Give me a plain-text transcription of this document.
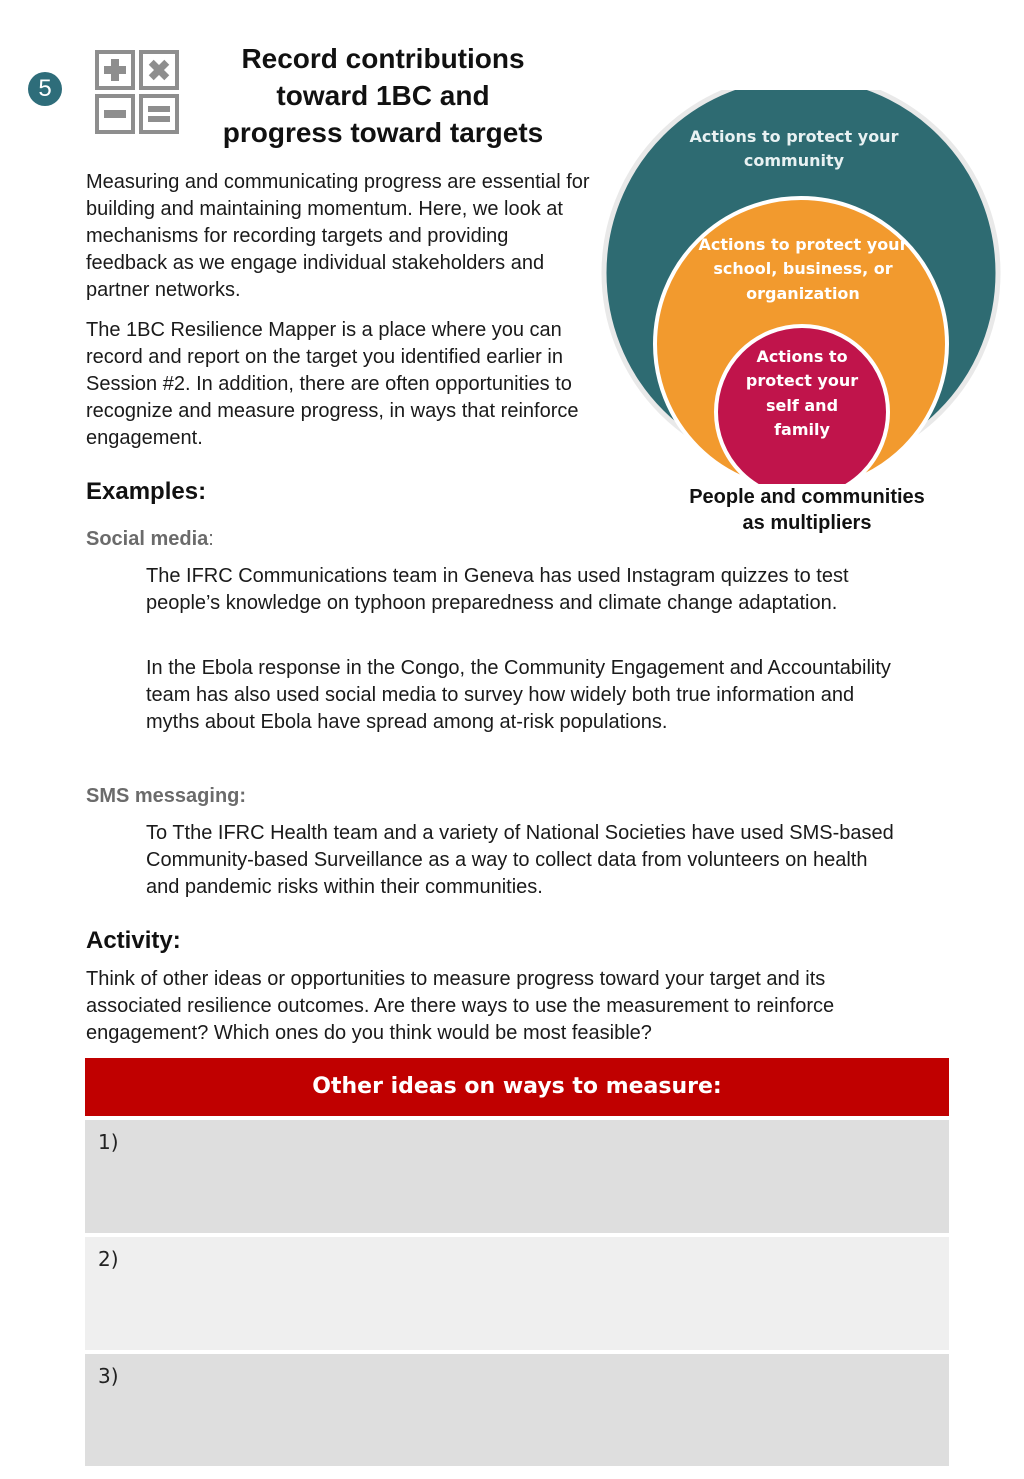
5
Record contributions
toward 1BC and
progress toward targets

Measuring and communicating progress are essential for building and maintaining momentum. Here, we look at mechanisms for recording targets and providing feedback as we engage individual stakeholders and partner networks.

The 1BC Resilience Mapper is a place where you can record and report on the target you identified earlier in Session #2. In addition, there are often opportunities to recognize and measure progress, in ways that reinforce engagement.

Actions to protect your
community
Actions to protect your
school, business, or
organization
Actions to
protect your
self and
family
People and communities
as multipliers
Examples:

Social media:

The IFRC Communications team in Geneva has used Instagram quizzes to test people’s knowledge on typhoon preparedness and climate change adaptation.

In the Ebola response in the Congo, the Community Engagement and Accountability team has also used social media to survey how widely both true information and myths about Ebola have spread among at-risk populations.

SMS messaging:

To Tthe IFRC Health team and a variety of National Societies have used SMS-based Community-based Surveillance as a way to collect data from volunteers on health and pandemic risks within their communities.

Activity:

Think of other ideas or opportunities to measure progress toward your target and its associated resilience outcomes. Are there ways to use the measurement to reinforce engagement? Which ones do you think would be most feasible?

Other ideas on ways to measure:
1)
2)
3)
